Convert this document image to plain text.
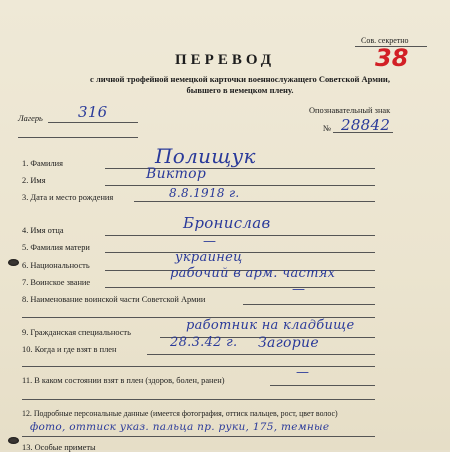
Сов. секретно
38
ПЕРЕВОД
с личной трофейной немецкой карточки военнослужащего Советской Армии,
бывшего в немецком плену.
Лагерь 316	Опознавательный знак
№ 28842
1. Фамилия	Полищук
2. Имя	Виктор
3. Дата и место рождения	8.8.1918 г.
4. Имя отца	Бронислав
5. Фамилия матери	—
6. Национальность
украинец
7. Воинское звание
рабочий в арм. частях
8. Наименование воинской части Советской Армии
—
9. Гражданская специальность	работник на кладбище
10. Когда и где взят в плен	28.3.42 г. Загорие
11. В каком состоянии взят в плен (здоров, болен, ранен)
—
12. Подробные персональные данные (имеется фотография, оттиск пальцев, рост, цвет волос)
фото, оттиск указ. пальца пр. руки, 175, темные
13. Особые приметы
